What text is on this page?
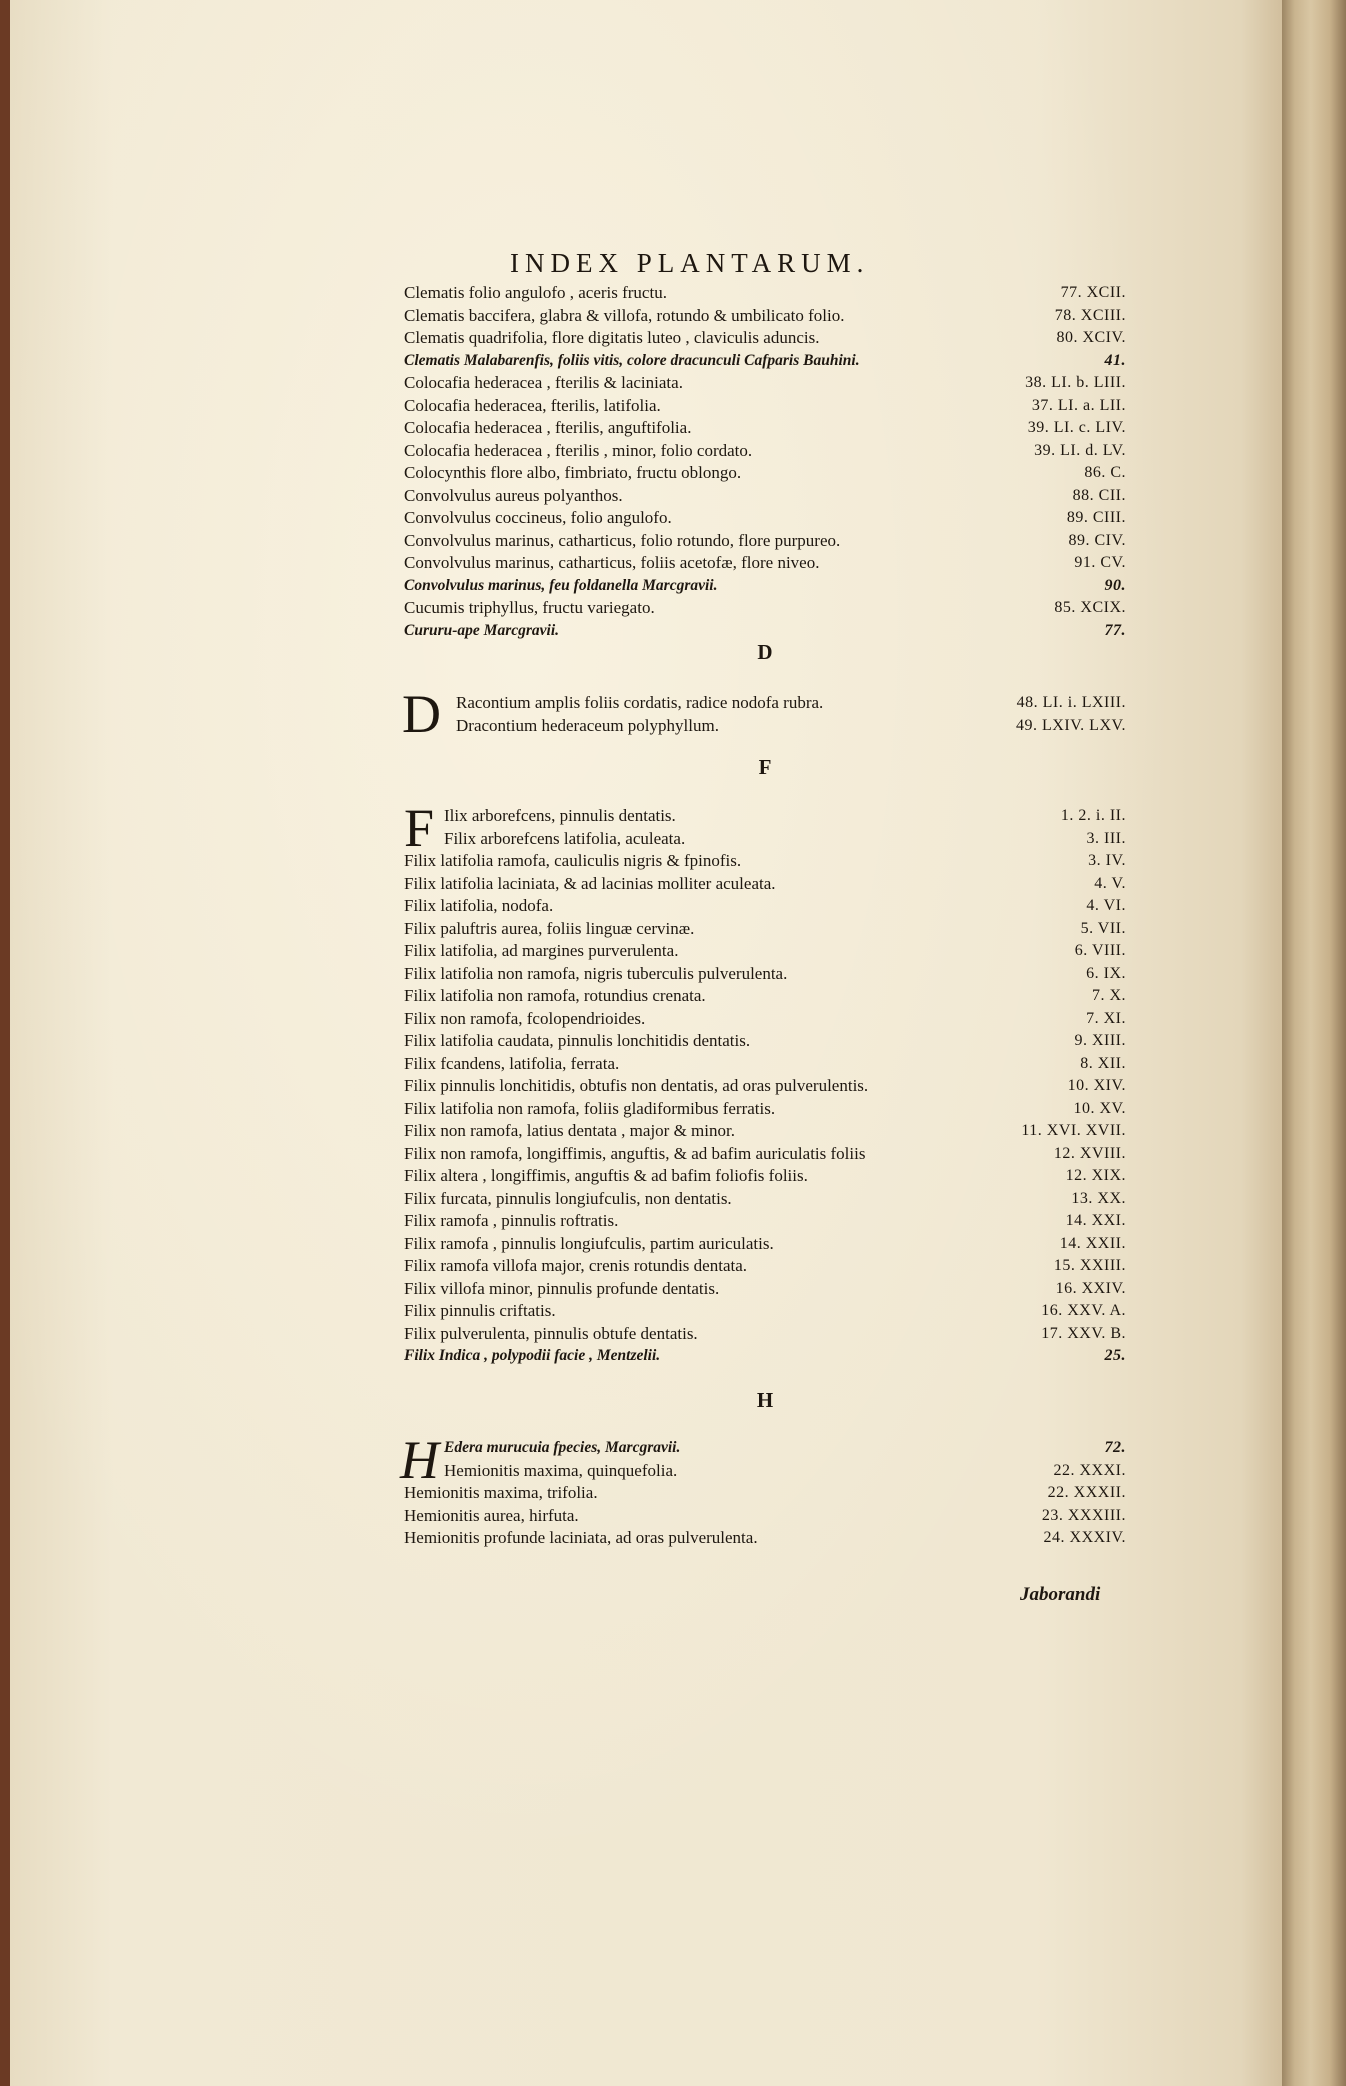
INDEX PLANTARUM.
Clematis folio angulofo , aceris fructu.	77. XCII.
Clematis baccifera, glabra & villofa, rotundo & umbilicato folio.	78. XCIII.
Clematis quadrifolia, flore digitatis luteo , claviculis aduncis.	80. XCIV.
Clematis Malabarenfis, foliis vitis, colore dracunculi Cafparis Bauhini.	41.
Colocafia hederacea , fterilis & laciniata.	38. LI. b. LIII.
Colocafia hederacea, fterilis, latifolia.	37. LI. a. LII.
Colocafia hederacea , fterilis, anguftifolia.	39. LI. c. LIV.
Colocafia hederacea , fterilis , minor, folio cordato.	39. LI. d. LV.
Colocynthis flore albo, fimbriato, fructu oblongo.	86. C.
Convolvulus aureus polyanthos.	88. CII.
Convolvulus coccineus, folio angulofo.	89. CIII.
Convolvulus marinus, catharticus, folio rotundo, flore purpureo.	89. CIV.
Convolvulus marinus, catharticus, foliis acetofæ, flore niveo.	91. CV.
Convolvulus marinus, feu foldanella Marcgravii.	90.
Cucumis triphyllus, fructu variegato.	85. XCIX.
Cururu-ape Marcgravii.	77.
D
D Racontium amplis foliis cordatis, radice nodofa rubra.	48. LI. i. LXIII.
Dracontium hederaceum polyphyllum.	49. LXIV. LXV.
F
F Ilix arborefcens, pinnulis dentatis.	1. 2. i. II.
Filix arborefcens latifolia, aculeata.	3. III.
Filix latifolia ramofa, cauliculis nigris & fpinofis.	3. IV.
Filix latifolia laciniata, & ad lacinias molliter aculeata.	4. V.
Filix latifolia, nodofa.	4. VI.
Filix paluftris aurea, foliis linguæ cervinæ.	5. VII.
Filix latifolia, ad margines purverulenta.	6. VIII.
Filix latifolia non ramofa, nigris tuberculis pulverulenta.	6. IX.
Filix latifolia non ramofa, rotundius crenata.	7. X.
Filix non ramofa, fcolopendrioides.	7. XI.
Filix latifolia caudata, pinnulis lonchitidis dentatis.	9. XIII.
Filix fcandens, latifolia, ferrata.	8. XII.
Filix pinnulis lonchitidis, obtufis non dentatis, ad oras pulverulentis.	10. XIV.
Filix latifolia non ramofa, foliis gladiformibus ferratis.	10. XV.
Filix non ramofa, latius dentata , major & minor.	11. XVI. XVII.
Filix non ramofa, longiffimis, anguftis, & ad bafim auriculatis foliis	12. XVIII.
Filix altera , longiffimis, anguftis & ad bafim foliofis foliis.	12. XIX.
Filix furcata, pinnulis longiufculis, non dentatis.	13. XX.
Filix ramofa , pinnulis roftratis.	14. XXI.
Filix ramofa , pinnulis longiufculis, partim auriculatis.	14. XXII.
Filix ramofa villofa major, crenis rotundis dentata.	15. XXIII.
Filix villofa minor, pinnulis profunde dentatis.	16. XXIV.
Filix pinnulis criftatis.	16. XXV. A.
Filix pulverulenta, pinnulis obtufe dentatis.	17. XXV. B.
Filix Indica , polypodii facie , Mentzelii.	25.
H
H Edera murucuia fpecies, Marcgravii.	72.
Hemionitis maxima, quinquefolia.	22. XXXI.
Hemionitis maxima, trifolia.	22. XXXII.
Hemionitis aurea, hirfuta.	23. XXXIII.
Hemionitis profunde laciniata, ad oras pulverulenta.	24. XXXIV.
Jaborandi
